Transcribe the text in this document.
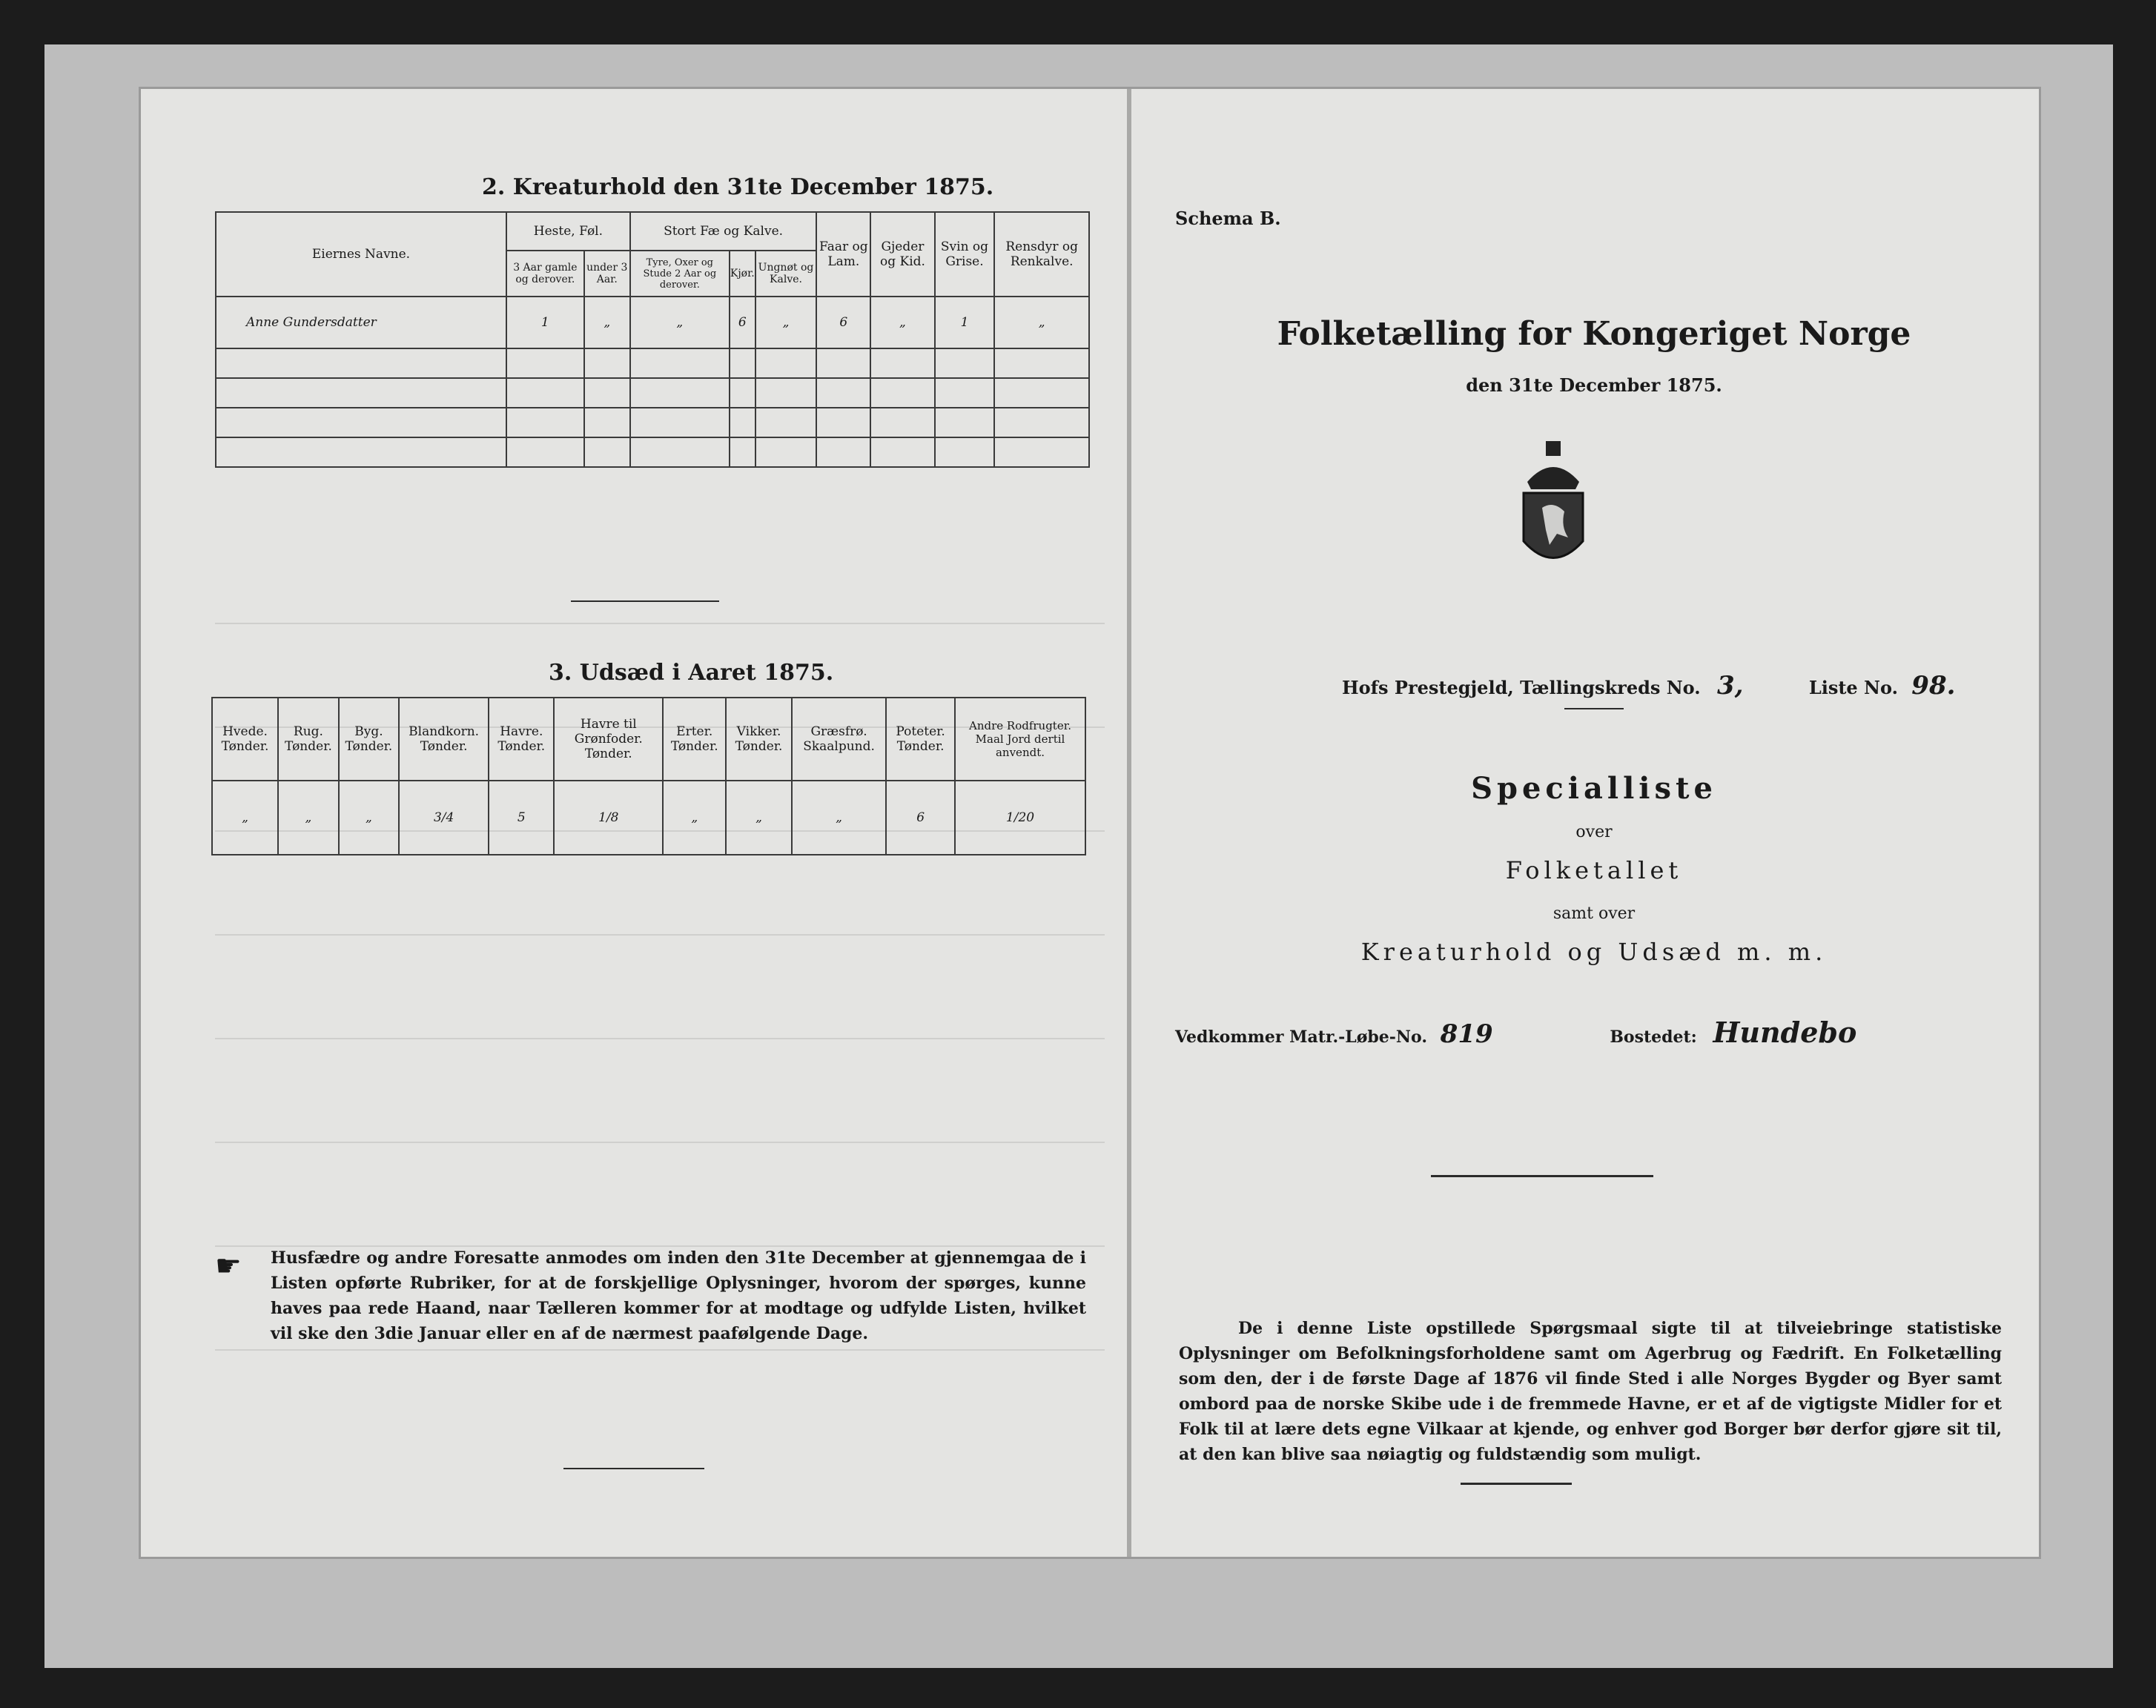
2. Kreaturhold den 31te December 1875.
Eiernes Navne.	Heste, Føl.		Stort Fæ og Kalve.			Faar og Lam.	Gjeder og Kid.	Svin og Grise.	Rensdyr og Renkalve.
	3 Aar gamle og derover.	under 3 Aar.	Tyre, Oxer og Stude 2 Aar og derover.	Kjør.	Ungnøt og Kalve.				
Anne Gundersdatter	1	„	„	6	„	6	„	1	„

3. Udsæd i Aaret 1875.
Hvede. Tønder.	Rug. Tønder.	Byg. Tønder.	Blandkorn. Tønder.	Havre. Tønder.	Havre til Grønfoder. Tønder.	Erter. Tønder.	Vikker. Tønder.	Græsfrø. Skaalpund.	Poteter. Tønder.	Andre Rodfrugter. Maal Jord dertil anvendt.
„	„	„	3/4	5	1/8	„	„	„	6	1/20
☛ Husfædre og andre Foresatte anmodes om inden den 31te December at gjennemgaa de i Listen opførte Rubriker, for at de forskjellige Oplysninger, hvorom der spørges, kunne haves paa rede Haand, naar Tælleren kommer for at modtage og udfylde Listen, hvilket vil ske den 3die Januar eller en af de nærmest paafølgende Dage.
Schema B.
Folketælling for Kongeriget Norge
den 31te December 1875.
Hofs Prestegjeld, Tællingskreds No. 3,	Liste No. 98.
Specialliste
over
Folketallet
samt over
Kreaturhold og Udsæd m. m.
Vedkommer Matr.-Løbe-No. 819	Bostedet: Hundebo
De i denne Liste opstillede Spørgsmaal sigte til at tilveiebringe statistiske Oplysninger om Befolkningsforholdene samt om Agerbrug og Fædrift. En Folketælling som den, der i de første Dage af 1876 vil finde Sted i alle Norges Bygder og Byer samt ombord paa de norske Skibe ude i de fremmede Havne, er et af de vigtigste Midler for et Folk til at lære dets egne Vilkaar at kjende, og enhver god Borger bør derfor gjøre sit til, at den kan blive saa nøiagtig og fuldstændig som muligt.
